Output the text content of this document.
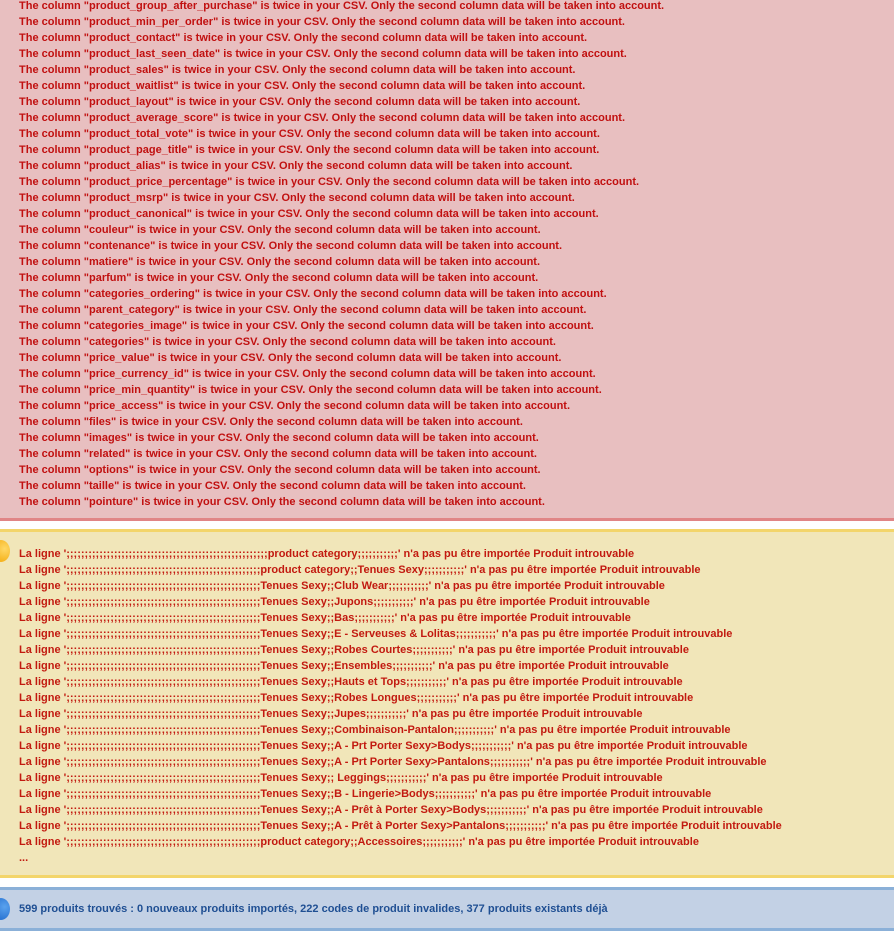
The column "product_group_after_purchase" is twice in your CSV. Only the second column data will be taken into account.
The column "product_min_per_order" is twice in your CSV. Only the second column data will be taken into account.
The column "product_contact" is twice in your CSV. Only the second column data will be taken into account.
The column "product_last_seen_date" is twice in your CSV. Only the second column data will be taken into account.
The column "product_sales" is twice in your CSV. Only the second column data will be taken into account.
The column "product_waitlist" is twice in your CSV. Only the second column data will be taken into account.
The column "product_layout" is twice in your CSV. Only the second column data will be taken into account.
The column "product_average_score" is twice in your CSV. Only the second column data will be taken into account.
The column "product_total_vote" is twice in your CSV. Only the second column data will be taken into account.
The column "product_page_title" is twice in your CSV. Only the second column data will be taken into account.
The column "product_alias" is twice in your CSV. Only the second column data will be taken into account.
The column "product_price_percentage" is twice in your CSV. Only the second column data will be taken into account.
The column "product_msrp" is twice in your CSV. Only the second column data will be taken into account.
The column "product_canonical" is twice in your CSV. Only the second column data will be taken into account.
The column "couleur" is twice in your CSV. Only the second column data will be taken into account.
The column "contenance" is twice in your CSV. Only the second column data will be taken into account.
The column "matiere" is twice in your CSV. Only the second column data will be taken into account.
The column "parfum" is twice in your CSV. Only the second column data will be taken into account.
The column "categories_ordering" is twice in your CSV. Only the second column data will be taken into account.
The column "parent_category" is twice in your CSV. Only the second column data will be taken into account.
The column "categories_image" is twice in your CSV. Only the second column data will be taken into account.
The column "categories" is twice in your CSV. Only the second column data will be taken into account.
The column "price_value" is twice in your CSV. Only the second column data will be taken into account.
The column "price_currency_id" is twice in your CSV. Only the second column data will be taken into account.
The column "price_min_quantity" is twice in your CSV. Only the second column data will be taken into account.
The column "price_access" is twice in your CSV. Only the second column data will be taken into account.
The column "files" is twice in your CSV. Only the second column data will be taken into account.
The column "images" is twice in your CSV. Only the second column data will be taken into account.
The column "related" is twice in your CSV. Only the second column data will be taken into account.
The column "options" is twice in your CSV. Only the second column data will be taken into account.
The column "taille" is twice in your CSV. Only the second column data will be taken into account.
The column "pointure" is twice in your CSV. Only the second column data will be taken into account.
La ligne ';;;;;;;;;;;;;;;;;;;;;;;;;;;;;;;;;;;;;;;;;;;;;;;;;;;;;;;product category;;;;;;;;;;;' n'a pas pu être importée Produit introuvable
La ligne ';;;;;;;;;;;;;;;;;;;;;;;;;;;;;;;;;;;;;;;;;;;;;;;;;;;;;product category;;Tenues Sexy;;;;;;;;;;;' n'a pas pu être importée Produit introuvable
La ligne ';;;;;;;;;;;;;;;;;;;;;;;;;;;;;;;;;;;;;;;;;;;;;;;;;;;;;Tenues Sexy;;Club Wear;;;;;;;;;;;' n'a pas pu être importée Produit introuvable
La ligne ';;;;;;;;;;;;;;;;;;;;;;;;;;;;;;;;;;;;;;;;;;;;;;;;;;;;;Tenues Sexy;;Jupons;;;;;;;;;;;' n'a pas pu être importée Produit introuvable
La ligne ';;;;;;;;;;;;;;;;;;;;;;;;;;;;;;;;;;;;;;;;;;;;;;;;;;;;;Tenues Sexy;;Bas;;;;;;;;;;;' n'a pas pu être importée Produit introuvable
La ligne ';;;;;;;;;;;;;;;;;;;;;;;;;;;;;;;;;;;;;;;;;;;;;;;;;;;;;Tenues Sexy;;E - Serveuses & Lolitas;;;;;;;;;;;' n'a pas pu être importée Produit introuvable
La ligne ';;;;;;;;;;;;;;;;;;;;;;;;;;;;;;;;;;;;;;;;;;;;;;;;;;;;;Tenues Sexy;;Robes Courtes;;;;;;;;;;;' n'a pas pu être importée Produit introuvable
La ligne ';;;;;;;;;;;;;;;;;;;;;;;;;;;;;;;;;;;;;;;;;;;;;;;;;;;;;Tenues Sexy;;Ensembles;;;;;;;;;;;' n'a pas pu être importée Produit introuvable
La ligne ';;;;;;;;;;;;;;;;;;;;;;;;;;;;;;;;;;;;;;;;;;;;;;;;;;;;;Tenues Sexy;;Hauts et Tops;;;;;;;;;;;' n'a pas pu être importée Produit introuvable
La ligne ';;;;;;;;;;;;;;;;;;;;;;;;;;;;;;;;;;;;;;;;;;;;;;;;;;;;;Tenues Sexy;;Robes Longues;;;;;;;;;;;' n'a pas pu être importée Produit introuvable
La ligne ';;;;;;;;;;;;;;;;;;;;;;;;;;;;;;;;;;;;;;;;;;;;;;;;;;;;;Tenues Sexy;;Jupes;;;;;;;;;;;' n'a pas pu être importée Produit introuvable
La ligne ';;;;;;;;;;;;;;;;;;;;;;;;;;;;;;;;;;;;;;;;;;;;;;;;;;;;;Tenues Sexy;;Combinaison-Pantalon;;;;;;;;;;;' n'a pas pu être importée Produit introuvable
La ligne ';;;;;;;;;;;;;;;;;;;;;;;;;;;;;;;;;;;;;;;;;;;;;;;;;;;;;Tenues Sexy;;A - Prt Porter Sexy>Bodys;;;;;;;;;;;' n'a pas pu être importée Produit introuvable
La ligne ';;;;;;;;;;;;;;;;;;;;;;;;;;;;;;;;;;;;;;;;;;;;;;;;;;;;;Tenues Sexy;;A - Prt Porter Sexy>Pantalons;;;;;;;;;;;' n'a pas pu être importée Produit introuvable
La ligne ';;;;;;;;;;;;;;;;;;;;;;;;;;;;;;;;;;;;;;;;;;;;;;;;;;;;;Tenues Sexy;; Leggings;;;;;;;;;;;' n'a pas pu être importée Produit introuvable
La ligne ';;;;;;;;;;;;;;;;;;;;;;;;;;;;;;;;;;;;;;;;;;;;;;;;;;;;;Tenues Sexy;;B - Lingerie>Bodys;;;;;;;;;;;' n'a pas pu être importée Produit introuvable
La ligne ';;;;;;;;;;;;;;;;;;;;;;;;;;;;;;;;;;;;;;;;;;;;;;;;;;;;;Tenues Sexy;;A - Prêt à Porter Sexy>Bodys;;;;;;;;;;;' n'a pas pu être importée Produit introuvable
La ligne ';;;;;;;;;;;;;;;;;;;;;;;;;;;;;;;;;;;;;;;;;;;;;;;;;;;;;Tenues Sexy;;A - Prêt à Porter Sexy>Pantalons;;;;;;;;;;;' n'a pas pu être importée Produit introuvable
La ligne ';;;;;;;;;;;;;;;;;;;;;;;;;;;;;;;;;;;;;;;;;;;;;;;;;;;;;product category;;Accessoires;;;;;;;;;;;' n'a pas pu être importée Produit introuvable
...
599 produits trouvés : 0 nouveaux produits importés, 222 codes de produit invalides, 377 produits existants déjà
